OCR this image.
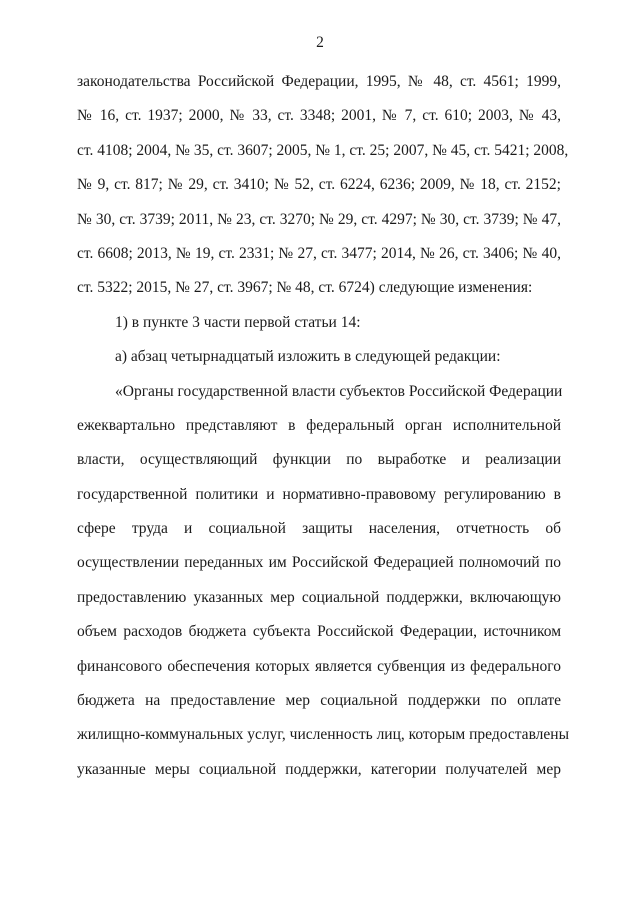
2
законодательства Российской Федерации, 1995, № 48, ст. 4561; 1999,
№ 16, ст. 1937; 2000, № 33, ст. 3348; 2001, № 7, ст. 610; 2003, № 43,
ст. 4108; 2004, № 35, ст. 3607; 2005, № 1, ст. 25; 2007, № 45, ст. 5421; 2008,
№ 9, ст. 817; № 29, ст. 3410; № 52, ст. 6224, 6236; 2009, № 18, ст. 2152;
№ 30, ст. 3739; 2011, № 23, ст. 3270; № 29, ст. 4297; № 30, ст. 3739; № 47,
ст. 6608; 2013, № 19, ст. 2331; № 27, ст. 3477; 2014, № 26, ст. 3406; № 40,
ст. 5322; 2015, № 27, ст. 3967; № 48, ст. 6724) следующие изменения:
1) в пункте 3 части первой статьи 14:
а) абзац четырнадцатый изложить в следующей редакции:
«Органы государственной власти субъектов Российской Федерации
ежеквартально представляют в федеральный орган исполнительной
власти, осуществляющий функции по выработке и реализации
государственной политики и нормативно-правовому регулированию в
сфере труда и социальной защиты населения, отчетность об
осуществлении переданных им Российской Федерацией полномочий по
предоставлению указанных мер социальной поддержки, включающую
объем расходов бюджета субъекта Российской Федерации, источником
финансового обеспечения которых является субвенция из федерального
бюджета на предоставление мер социальной поддержки по оплате
жилищно-коммунальных услуг, численность лиц, которым предоставлены
указанные меры социальной поддержки, категории получателей мер
